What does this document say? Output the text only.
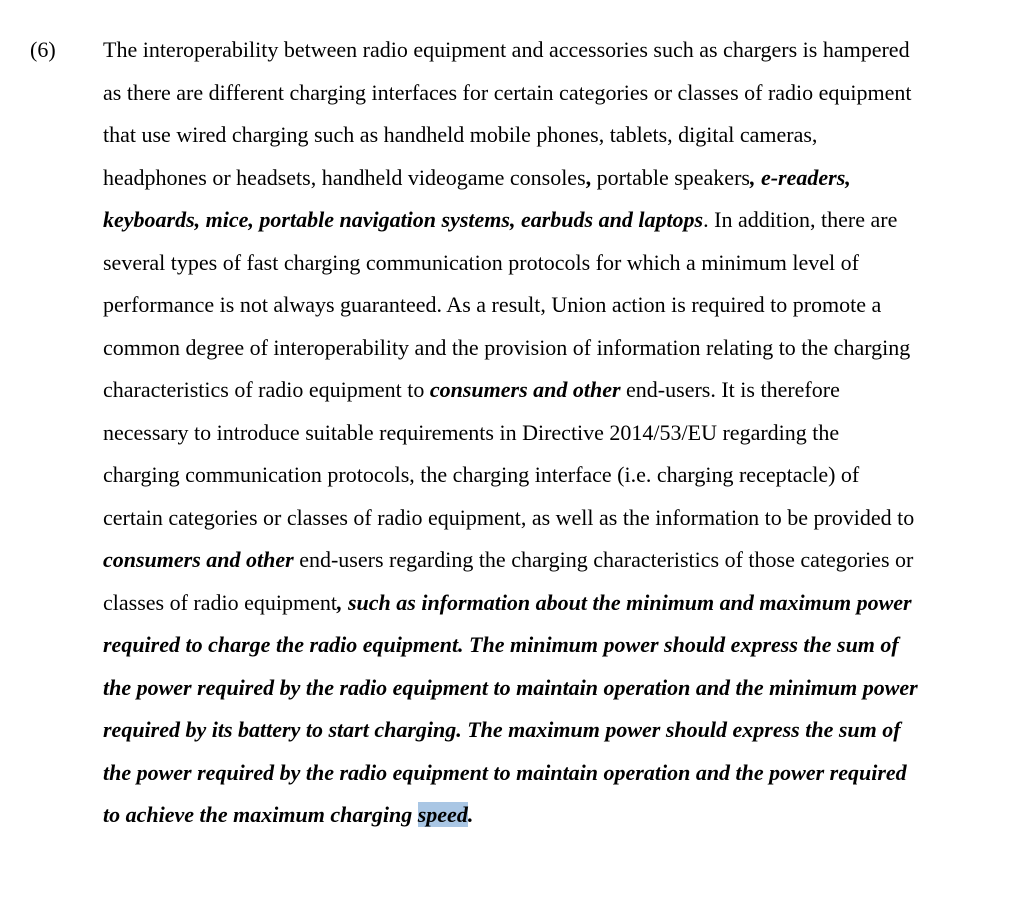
(6)	The interoperability between radio equipment and accessories such as chargers is hampered
as there are different charging interfaces for certain categories or classes of radio equipment
that use wired charging such as handheld mobile phones, tablets, digital cameras,
headphones or headsets, handheld videogame consoles, portable speakers, e-readers,
keyboards, mice, portable navigation systems, earbuds and laptops. In addition, there are
several types of fast charging communication protocols for which a minimum level of
performance is not always guaranteed. As a result, Union action is required to promote a
common degree of interoperability and the provision of information relating to the charging
characteristics of radio equipment to consumers and other end-users. It is therefore
necessary to introduce suitable requirements in Directive 2014/53/EU regarding the
charging communication protocols, the charging interface (i.e. charging receptacle) of
certain categories or classes of radio equipment, as well as the information to be provided to
consumers and other end-users regarding the charging characteristics of those categories or
classes of radio equipment, such as information about the minimum and maximum power
required to charge the radio equipment. The minimum power should express the sum of
the power required by the radio equipment to maintain operation and the minimum power
required by its battery to start charging. The maximum power should express the sum of
the power required by the radio equipment to maintain operation and the power required
to achieve the maximum charging speed.
